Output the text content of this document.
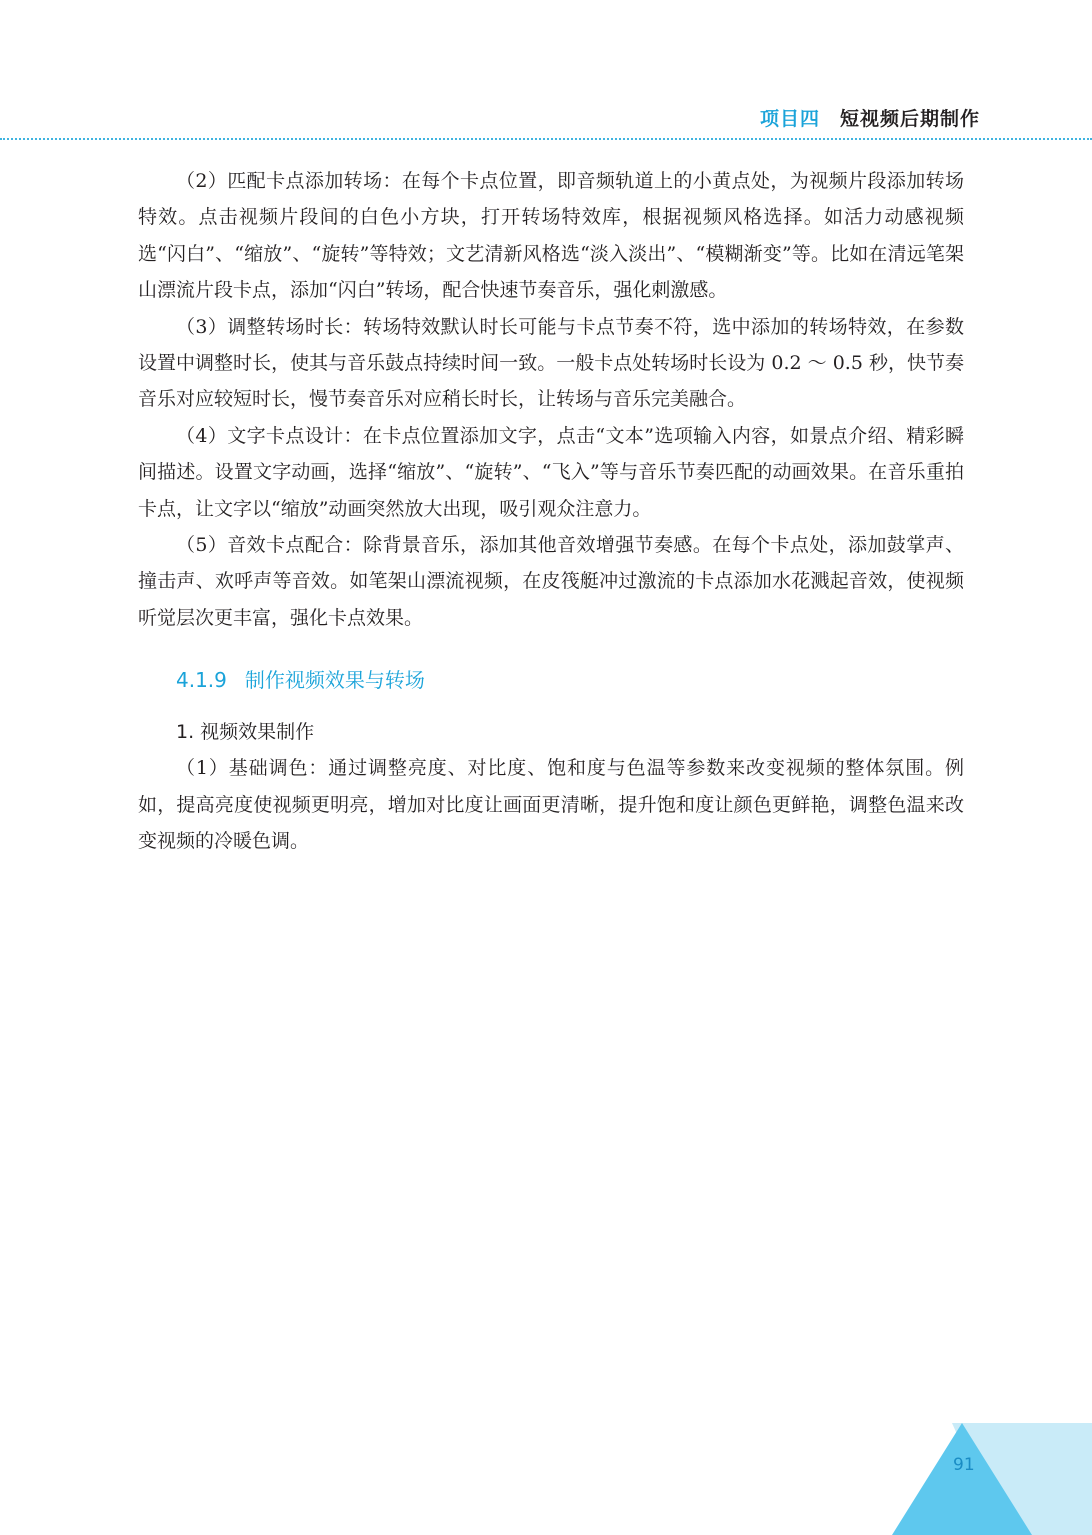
项目四 短视频后期制作

（2）匹配卡点添加转场：在每个卡点位置，即音频轨道上的小黄点处，为视频片段添加转场特效。点击视频片段间的白色小方块，打开转场特效库，根据视频风格选择。如活力动感视频选“闪白”、“缩放”、“旋转”等特效；文艺清新风格选“淡入淡出”、“模糊渐变”等。比如在清远笔架山漂流片段卡点，添加“闪白”转场，配合快速节奏音乐，强化刺激感。

（3）调整转场时长：转场特效默认时长可能与卡点节奏不符，选中添加的转场特效，在参数设置中调整时长，使其与音乐鼓点持续时间一致。一般卡点处转场时长设为 0.2 ～ 0.5 秒，快节奏音乐对应较短时长，慢节奏音乐对应稍长时长，让转场与音乐完美融合。

（4）文字卡点设计：在卡点位置添加文字，点击“文本”选项输入内容，如景点介绍、精彩瞬间描述。设置文字动画，选择“缩放”、“旋转”、“飞入”等与音乐节奏匹配的动画效果。在音乐重拍卡点，让文字以“缩放”动画突然放大出现，吸引观众注意力。

（5）音效卡点配合：除背景音乐，添加其他音效增强节奏感。在每个卡点处，添加鼓掌声、撞击声、欢呼声等音效。如笔架山漂流视频，在皮筏艇冲过激流的卡点添加水花溅起音效，使视频听觉层次更丰富，强化卡点效果。

4.1.9 制作视频效果与转场
1. 视频效果制作

（1）基础调色：通过调整亮度、对比度、饱和度与色温等参数来改变视频的整体氛围。例如，提高亮度使视频更明亮，增加对比度让画面更清晰，提升饱和度让颜色更鲜艳，调整色温来改变视频的冷暖色调。

91
